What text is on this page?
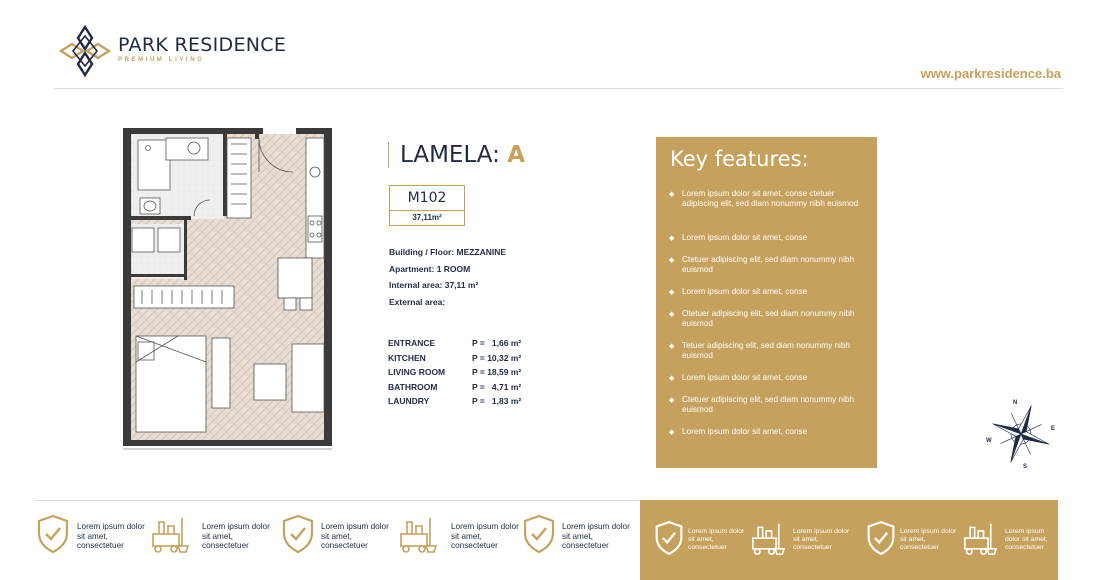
PARK RESIDENCE
PREMIUM LIVING
www.parkresidence.ba
LAMELA: A
M102
37,11m²
Building / Floor: MEZZANINE
Apartment: 1 ROOM
Internal area: 37,11 m²
External area:
ENTRANCE	P =   1,66 m²
KITCHEN	P = 10,32 m²
LIVING ROOM	P = 18,59 m²
BATHROOM	P =   4,71 m²
LAUNDRY	P =   1,83 m²
Key features:
◆ Lorem ipsum dolor sit amet, conse ctetuer adipiscing elit, sed diam nonummy nibh euismod
◆ Lorem ipsum dolor sit amet, conse
◆ Ctetuer adipiscing elit, sed diam nonummy nibh euismod
◆ Lorem ipsum dolor sit amet, conse
◆ Otetuer adipiscing elit, sed diam nonummy nibh euismod
◆ Tetuer adipiscing elit, sed diam nonummy nibh euismod
◆ Lorem ipsum dolor sit amet, conse
◆ Ctetuer adipiscing elit, sed diam nonummy nibh euismod
◆ Lorem ipsum dolor sit amet, conse
N
S
E
W
Lorem ipsum dolor sit amet, consectetuer
Lorem ipsum dolor sit amet, consectetuer
Lorem ipsum dolor sit amet, consectetuer
Lorem ipsum dolor sit amet, consectetuer
Lorem ipsum dolor sit amet, consectetuer
Lorem ipsum dolor sit amet, consectetuer
Lorem ipsum dolor sit amet, consectetuer
Lorem ipsum dolor sit amet, consectetuer
Lorem ipsum dolor sit amet, consectetuer
